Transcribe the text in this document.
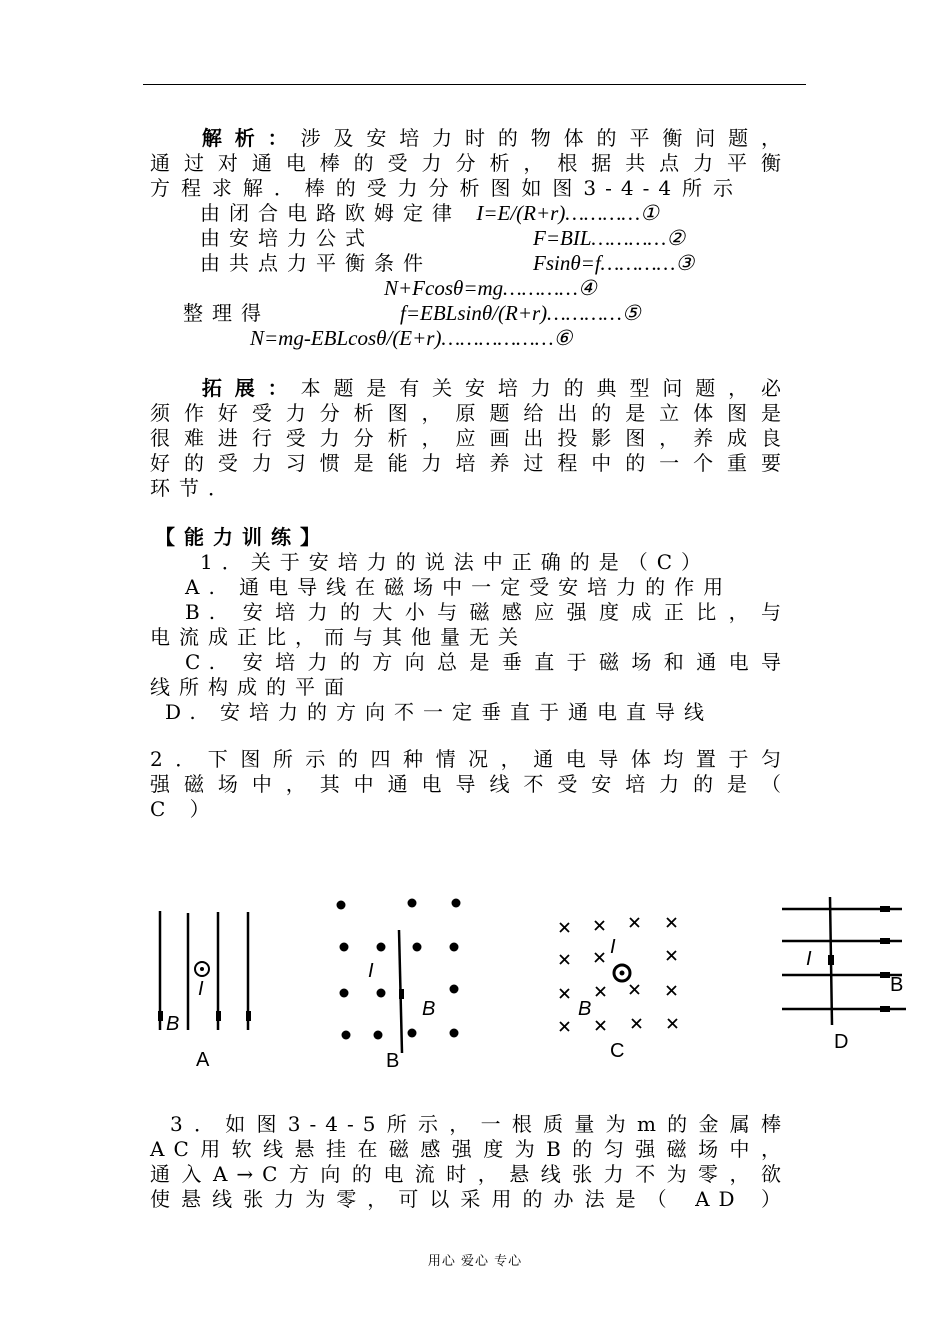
解析：涉及安培力时的物体的平衡问题，
通过对通电棒的受力分析，根据共点力平衡
方程求解．棒的受力分析图如图3-4-4所示
由闭合电路欧姆定律 I=E/(R+r)…………①
由安培力公式	F=BIL…………②
由共点力平衡条件	Fsinθ=f…………③
N+Fcosθ=mg…………④
整理得	f=EBLsinθ/(R+r)…………⑤
N=mg-EBLcosθ/(E+r)………………⑥
拓展：本题是有关安培力的典型问题，必
须作好受力分析图，原题给出的是立体图是
很难进行受力分析，应画出投影图，养成良
好的受力习惯是能力培养过程中的一个重要
环节．
【能力训练】
1．关于安培力的说法中正确的是（C）
A. 通电导线在磁场中一定受安培力的作用
B. 安培力的大小与磁感应强度成正比，与
电流成正比，而与其他量无关
C. 安培力的方向总是垂直于磁场和通电导
线所构成的平面
D. 安培力的方向不一定垂直于通电直导线
2．下图所示的四种情况，通电导体均置于匀
强磁场中，其中通电导线不受安培力的是（
C ）
I
B
A
I
B
B
I
B
C
I
B
D
3．如图3-4-5所示，一根质量为m的金属棒
AC用软线悬挂在磁感强度为B的匀强磁场中，
通入A→C方向的电流时，悬线张力不为零，欲
使悬线张力为零，可以采用的办法是（ AD ）
用心 爱心 专心
